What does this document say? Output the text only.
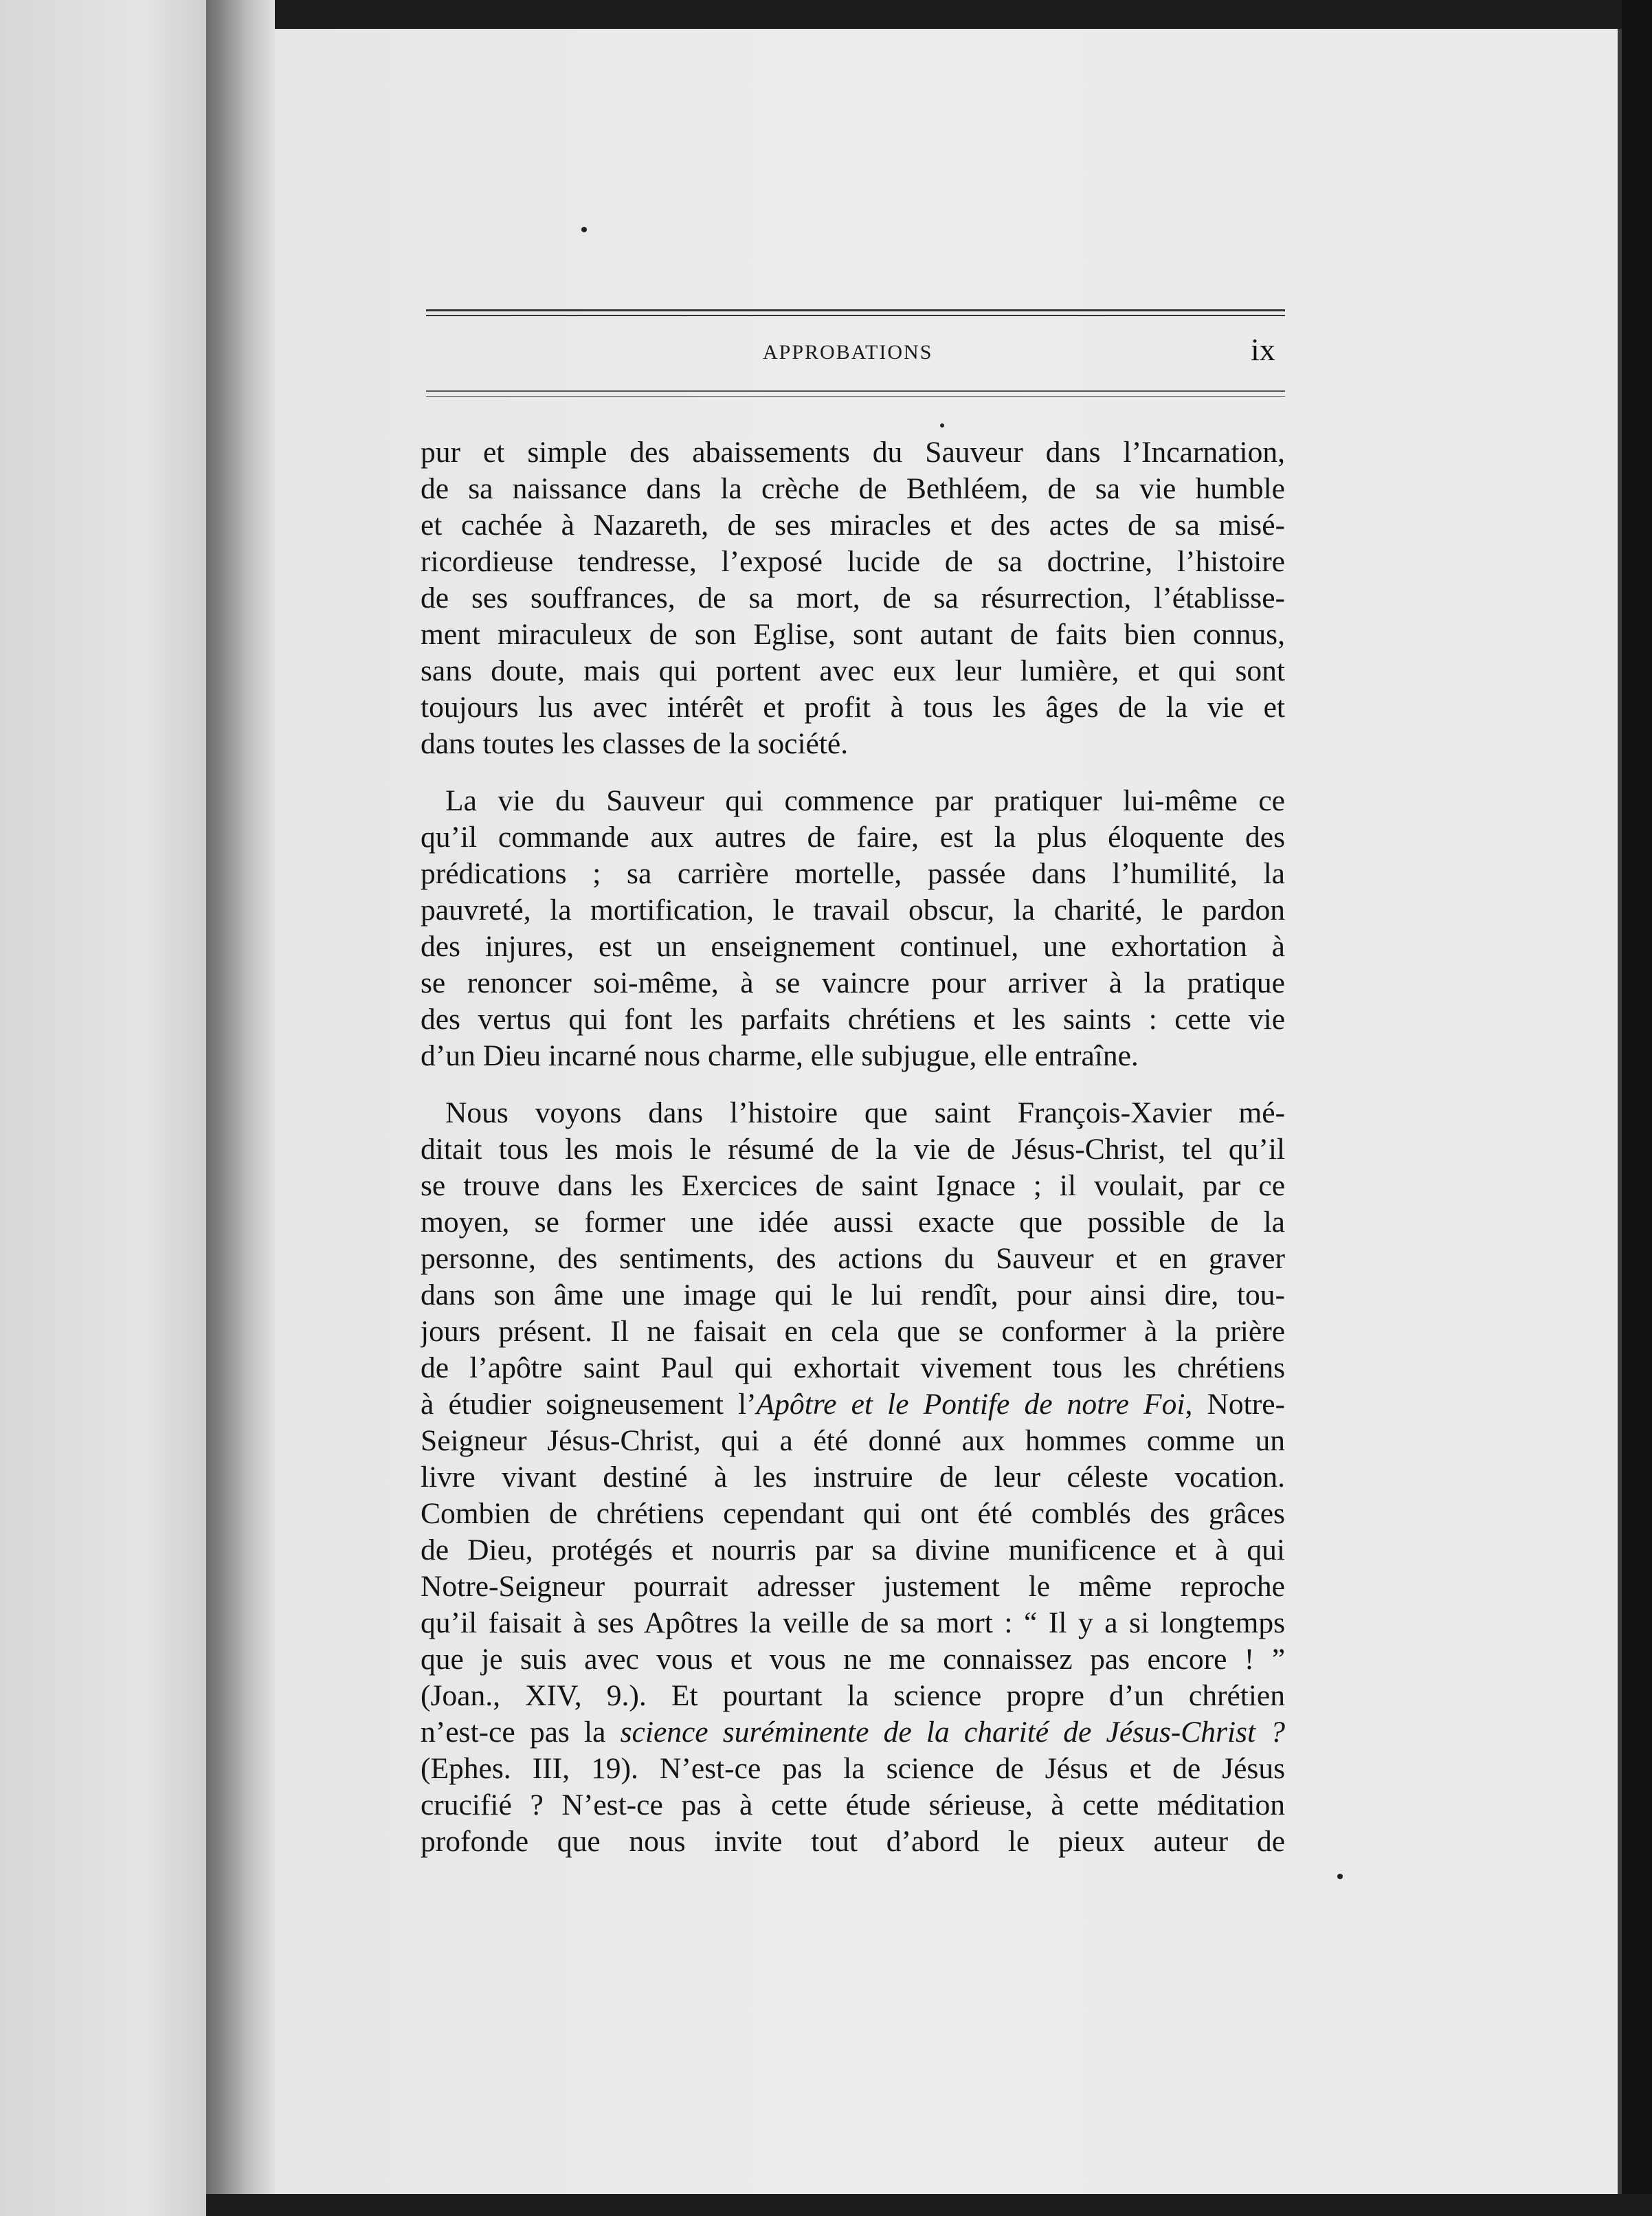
APPROBATIONS	ix

pur et simple des abaissements du Sauveur dans l’Incarnation,
de sa naissance dans la crèche de Bethléem, de sa vie humble
et cachée à Nazareth, de ses miracles et des actes de sa misé-
ricordieuse tendresse, l’exposé lucide de sa doctrine, l’histoire
de ses souffrances, de sa mort, de sa résurrection, l’établisse-
ment miraculeux de son Eglise, sont autant de faits bien connus,
sans doute, mais qui portent avec eux leur lumière, et qui sont
toujours lus avec intérêt et profit à tous les âges de la vie et
dans toutes les classes de la société.

La vie du Sauveur qui commence par pratiquer lui-même ce
qu’il commande aux autres de faire, est la plus éloquente des
prédications ; sa carrière mortelle, passée dans l’humilité, la
pauvreté, la mortification, le travail obscur, la charité, le pardon
des injures, est un enseignement continuel, une exhortation à
se renoncer soi-même, à se vaincre pour arriver à la pratique
des vertus qui font les parfaits chrétiens et les saints : cette vie
d’un Dieu incarné nous charme, elle subjugue, elle entraîne.

Nous voyons dans l’histoire que saint François-Xavier mé-
ditait tous les mois le résumé de la vie de Jésus-Christ, tel qu’il
se trouve dans les Exercices de saint Ignace ; il voulait, par ce
moyen, se former une idée aussi exacte que possible de la
personne, des sentiments, des actions du Sauveur et en graver
dans son âme une image qui le lui rendît, pour ainsi dire, tou-
jours présent. Il ne faisait en cela que se conformer à la prière
de l’apôtre saint Paul qui exhortait vivement tous les chrétiens
à étudier soigneusement l’Apôtre et le Pontife de notre Foi, Notre-
Seigneur Jésus-Christ, qui a été donné aux hommes comme un
livre vivant destiné à les instruire de leur céleste vocation.
Combien de chrétiens cependant qui ont été comblés des grâces
de Dieu, protégés et nourris par sa divine munificence et à qui
Notre-Seigneur pourrait adresser justement le même reproche
qu’il faisait à ses Apôtres la veille de sa mort : “ Il y a si longtemps
que je suis avec vous et vous ne me connaissez pas encore ! ”
(Joan., XIV, 9.). Et pourtant la science propre d’un chrétien
n’est-ce pas la science suréminente de la charité de Jésus-Christ ?
(Ephes. III, 19). N’est-ce pas la science de Jésus et de Jésus
crucifié ? N’est-ce pas à cette étude sérieuse, à cette méditation
profonde que nous invite tout d’abord le pieux auteur de
